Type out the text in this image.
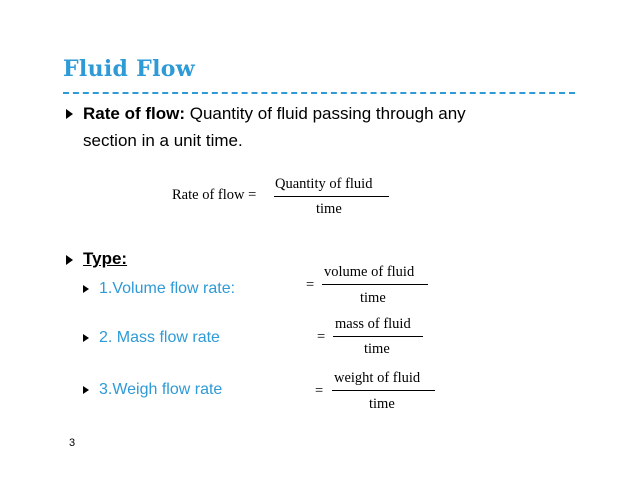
Fluid Flow
Rate of flow: Quantity of fluid passing through any
section in a unit time.
Rate of flow =
Quantity of fluid
time
Type:
1.Volume flow rate:	=
volume of fluid
time
2. Mass flow rate	=
mass of fluid
time
3.Weigh flow rate	=
weight of fluid
time
3
